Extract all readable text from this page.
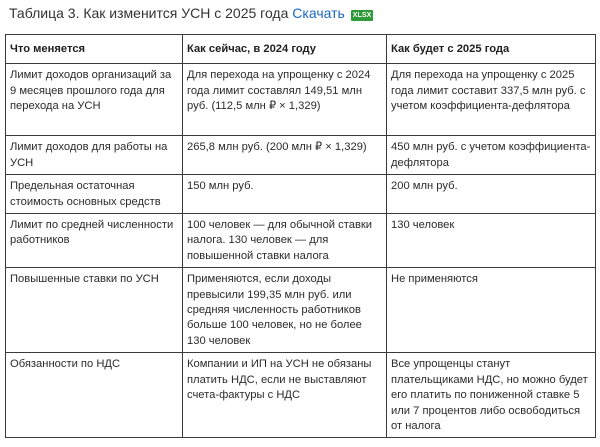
Таблица 3. Как изменится УСН с 2025 года Скачать XLSX
Что меняется	Как сейчас, в 2024 году	Как будет с 2025 года
Лимит доходов организаций за 9 месяцев прошлого года для перехода на УСН	Для перехода на упрощенку с 2024 года лимит составлял 149,51 млн руб. (112,5 млн ₽ × 1,329)	Для перехода на упрощенку с 2025 года лимит составит 337,5 млн руб. с учетом коэффициента-дефлятора
Лимит доходов для работы на УСН	265,8 млн руб. (200 млн ₽ × 1,329)	450 млн руб. с учетом коэффициента-дефлятора
Предельная остаточная стоимость основных средств	150 млн руб.	200 млн руб.
Лимит по средней численности работников	100 человек — для обычной ставки налога. 130 человек — для повышенной ставки налога	130 человек
Повышенные ставки по УСН	Применяются, если доходы превысили 199,35 млн руб. или средняя численность работников больше 100 человек, но не более 130 человек	Не применяются
Обязанности по НДС	Компании и ИП на УСН не обязаны платить НДС, если не выставляют счета-фактуры с НДС	Все упрощенцы станут плательщиками НДС, но можно будет его платить по пониженной ставке 5 или 7 процентов либо освободиться от налога
